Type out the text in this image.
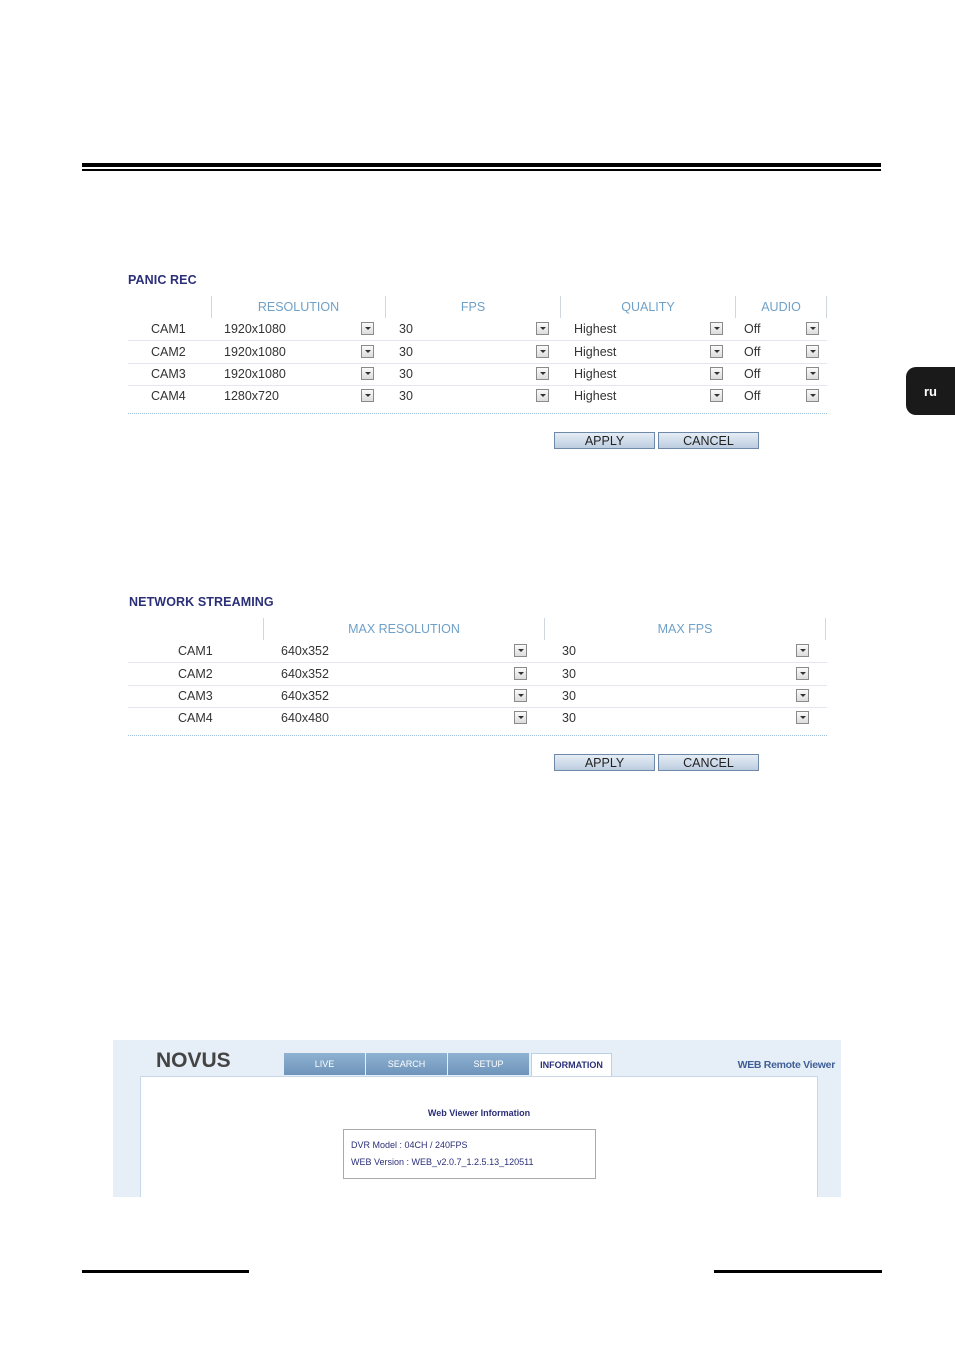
ru
PANIC REC
RESOLUTION	FPS	QUALITY	AUDIO
CAM1	1920x1080	30	Highest	Off
CAM2	1920x1080	30	Highest	Off
CAM3	1920x1080	30	Highest	Off
CAM4	1280x720	30	Highest	Off
APPLY	CANCEL
NETWORK STREAMING
MAX RESOLUTION	MAX FPS
CAM1	640x352	30
CAM2	640x352	30
CAM3	640x352	30
CAM4	640x480	30
APPLY	CANCEL
NOVUS	LIVE	SEARCH	SETUP	INFORMATION	WEB Remote Viewer
Web Viewer Information
DVR Model : 04CH / 240FPS
WEB Version : WEB_v2.0.7_1.2.5.13_120511
